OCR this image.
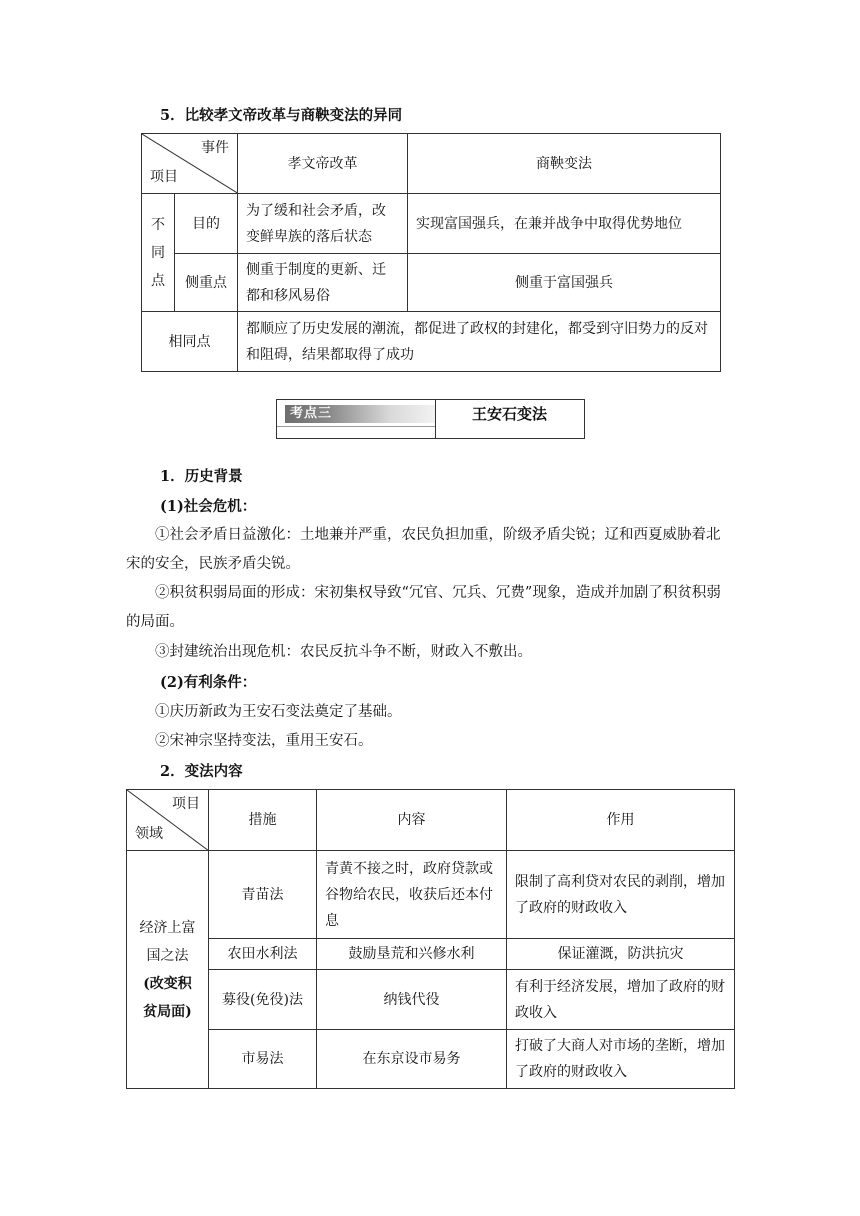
5．比较孝文帝改革与商鞅变法的异同
事件
项目		孝文帝改革	商鞅变法

不
同
点	目的	为了缓和社会矛盾，改变鲜卑族的落后状态	实现富国强兵，在兼并战争中取得优势地位
	侧重点	侧重于制度的更新、迁都和移风易俗	侧重于富国强兵
相同点		都顺应了历史发展的潮流，都促进了政权的封建化，都受到守旧势力的反对和阻碍，结果都取得了成功	
考点三	王安石变法
1．历史背景
(1)社会危机：
①社会矛盾日益激化：土地兼并严重，农民负担加重，阶级矛盾尖锐；辽和西夏威胁着北宋的安全，民族矛盾尖锐。
②积贫积弱局面的形成：宋初集权导致“冗官、冗兵、冗费”现象，造成并加剧了积贫积弱的局面。
③封建统治出现危机：农民反抗斗争不断，财政入不敷出。
(2)有利条件：
①庆历新政为王安石变法奠定了基础。
②宋神宗坚持变法，重用王安石。
2．变法内容
项目
领域	措施	内容	作用

经济上富
国之法
(改变积
贫局面)	青苗法	青黄不接之时，政府贷款或谷物给农民，收获后还本付息	限制了高利贷对农民的剥削，增加了政府的财政收入
	农田水利法	鼓励垦荒和兴修水利	保证灌溉，防洪抗灾
	募役(免役)法	纳钱代役	有利于经济发展，增加了政府的财政收入
	市易法	在东京设市易务	打破了大商人对市场的垄断，增加了政府的财政收入
